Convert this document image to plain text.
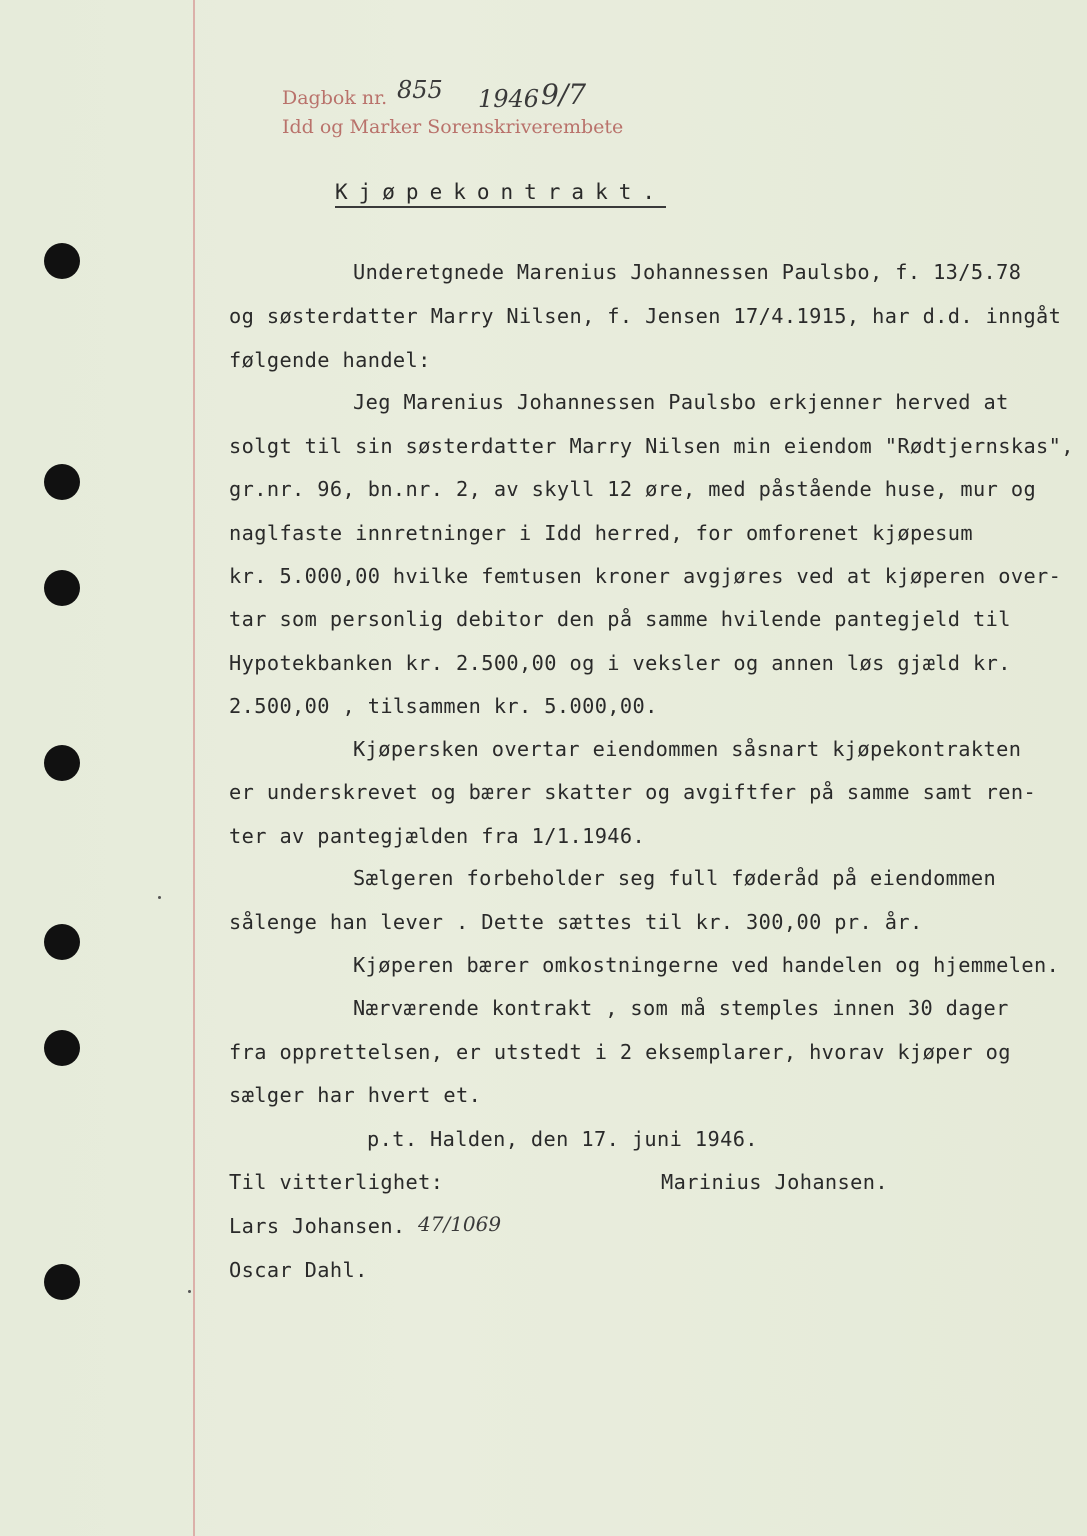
Dagbok nr.
Idd og Marker Sorenskriverembete
855 1946 9/7
Kjøpekontrakt.
Underetgnede Marenius Johannessen Paulsbo, f. 13/5.78
og søsterdatter Marry Nilsen, f. Jensen 17/4.1915, har d.d. inngåt
følgende handel:
Jeg Marenius Johannessen Paulsbo erkjenner herved at
solgt til sin søsterdatter Marry Nilsen min eiendom "Rødtjernskas",
gr.nr. 96, bn.nr. 2, av skyll 12 øre, med påstående huse, mur og
naglfaste innretninger i Idd herred, for omforenet kjøpesum
kr. 5.000,00 hvilke femtusen kroner avgjøres ved at kjøperen over-
tar som personlig debitor den på samme hvilende pantegjeld til
Hypotekbanken kr. 2.500,00 og i veksler og annen løs gjæld kr.
2.500,00 , tilsammen kr. 5.000,00.
Kjøpersken overtar eiendommen såsnart kjøpekontrakten
er underskrevet og bærer skatter og avgiftfer på samme samt ren-
ter av pantegjælden fra 1/1.1946.
Sælgeren forbeholder seg full føderåd på eiendommen
sålenge han lever . Dette sættes til kr. 300,00 pr. år.
Kjøperen bærer omkostningerne ved handelen og hjemmelen.
Nærværende kontrakt , som må stemples innen 30 dager
fra opprettelsen, er utstedt i 2 eksemplarer, hvorav kjøper og
sælger har hvert et.
p.t. Halden, den 17. juni 1946.
Til vitterlighet:	Marinius Johansen.
Lars Johansen. 47/1069
Oscar Dahl.
